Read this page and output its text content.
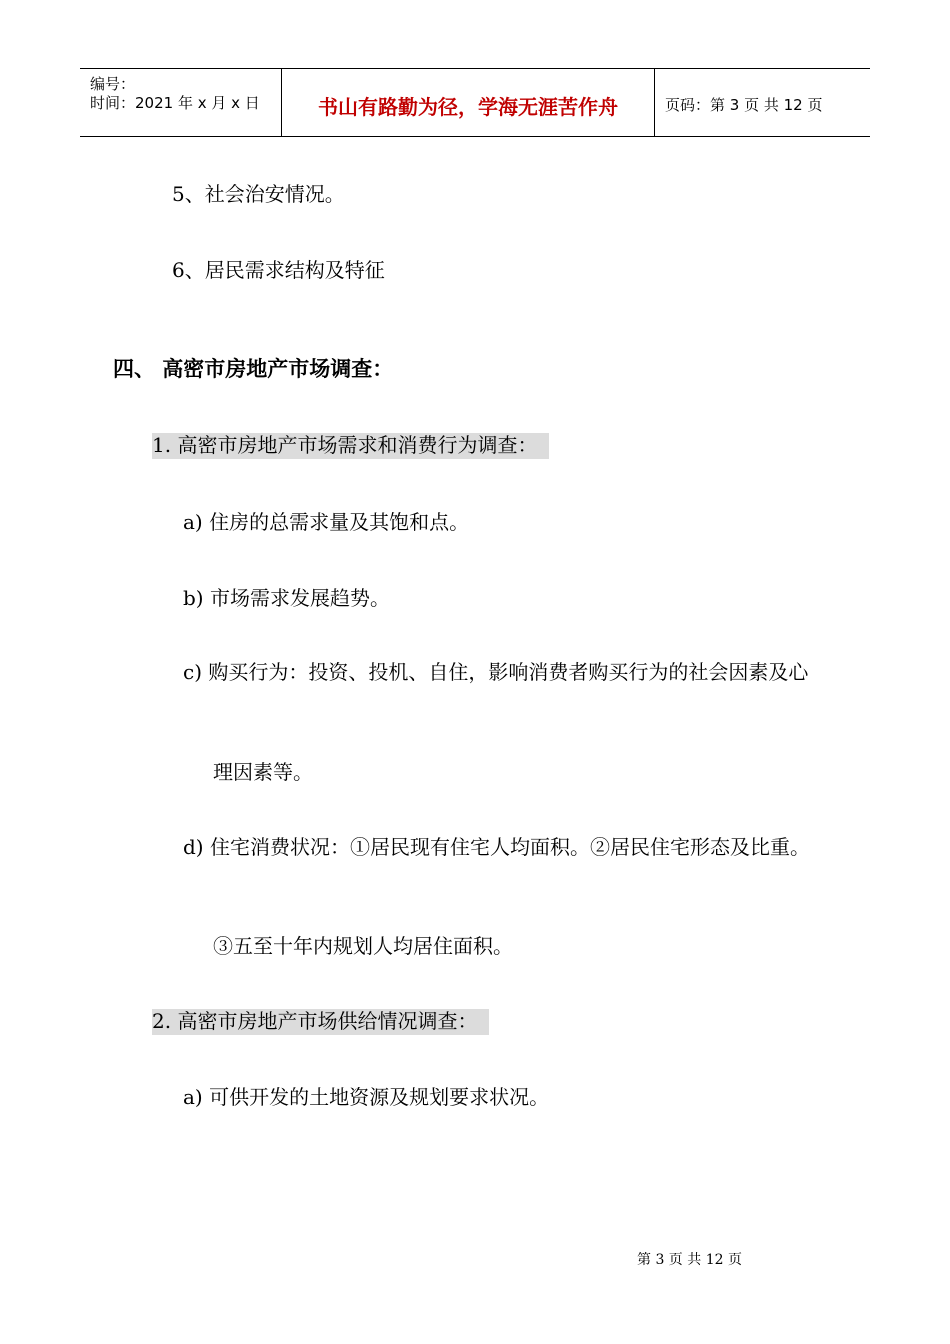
编号：
时间：2021 年 x 月 x 日	书山有路勤为径，学海无涯苦作舟	页码：第 3 页 共 12 页
5、社会治安情况。
6、居民需求结构及特征
四、 高密市房地产市场调查：
1. 高密市房地产市场需求和消费行为调查：
a) 住房的总需求量及其饱和点。
b) 市场需求发展趋势。
c) 购买行为：投资、投机、自住，影响消费者购买行为的社会因素及心
理因素等。
d) 住宅消费状况：①居民现有住宅人均面积。②居民住宅形态及比重。
③五至十年内规划人均居住面积。
2. 高密市房地产市场供给情况调查：
a) 可供开发的土地资源及规划要求状况。
第 3 页 共 12 页
